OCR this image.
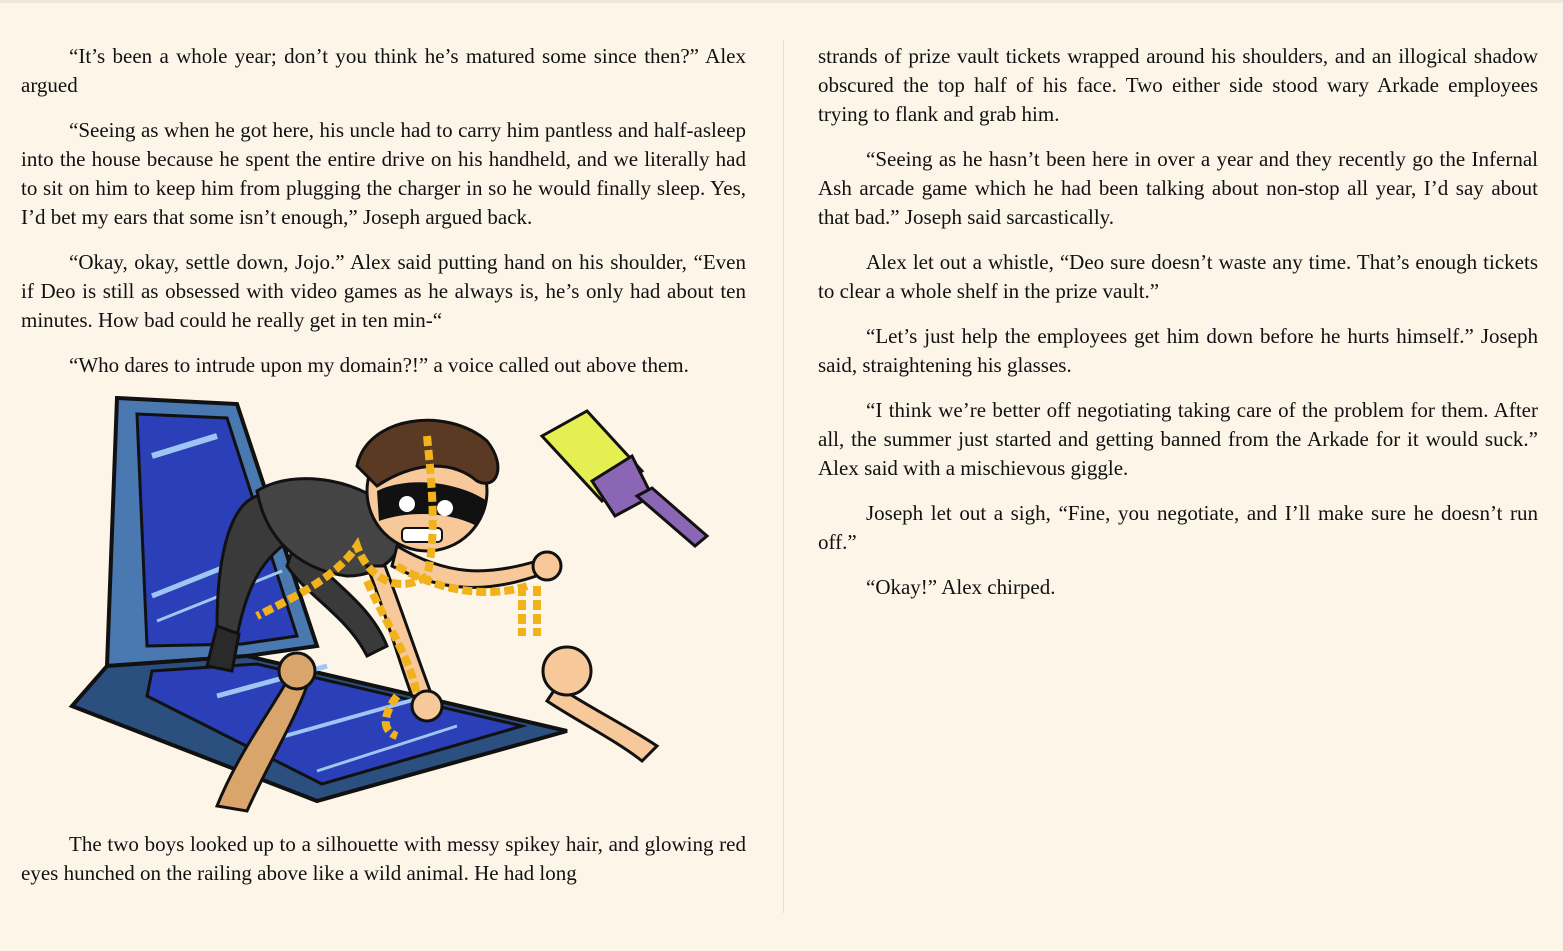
“It’s been a whole year; don’t you think he’s matured some since then?” Alex argued

“Seeing as when he got here, his uncle had to carry him pantless and half-asleep into the house because he spent the entire drive on his handheld, and we literally had to sit on him to keep him from plugging the charger in so he would finally sleep. Yes, I’d bet my ears that some isn’t enough,” Joseph argued back.

“Okay, okay, settle down, Jojo.” Alex said putting hand on his shoulder, “Even if Deo is still as obsessed with video games as he always is, he’s only had about ten minutes. How bad could he really get in ten min-“

“Who dares to intrude upon my domain?!” a voice called out above them.

The two boys looked up to a silhouette with messy spikey hair, and glowing red eyes hunched on the railing above like a wild animal. He had long

strands of prize vault tickets wrapped around his shoulders, and an illogical shadow obscured the top half of his face. Two either side stood wary Arkade employees trying to flank and grab him.

“Seeing as he hasn’t been here in over a year and they recently go the Infernal Ash arcade game which he had been talking about non-stop all year, I’d say about that bad.” Joseph said sarcastically.

Alex let out a whistle, “Deo sure doesn’t waste any time. That’s enough tickets to clear a whole shelf in the prize vault.”

“Let’s just help the employees get him down before he hurts himself.” Joseph said, straightening his glasses.

“I think we’re better off negotiating taking care of the problem for them. After all, the summer just started and getting banned from the Arkade for it would suck.” Alex said with a mischievous giggle.

Joseph let out a sigh, “Fine, you negotiate, and I’ll make sure he doesn’t run off.”

“Okay!” Alex chirped.
